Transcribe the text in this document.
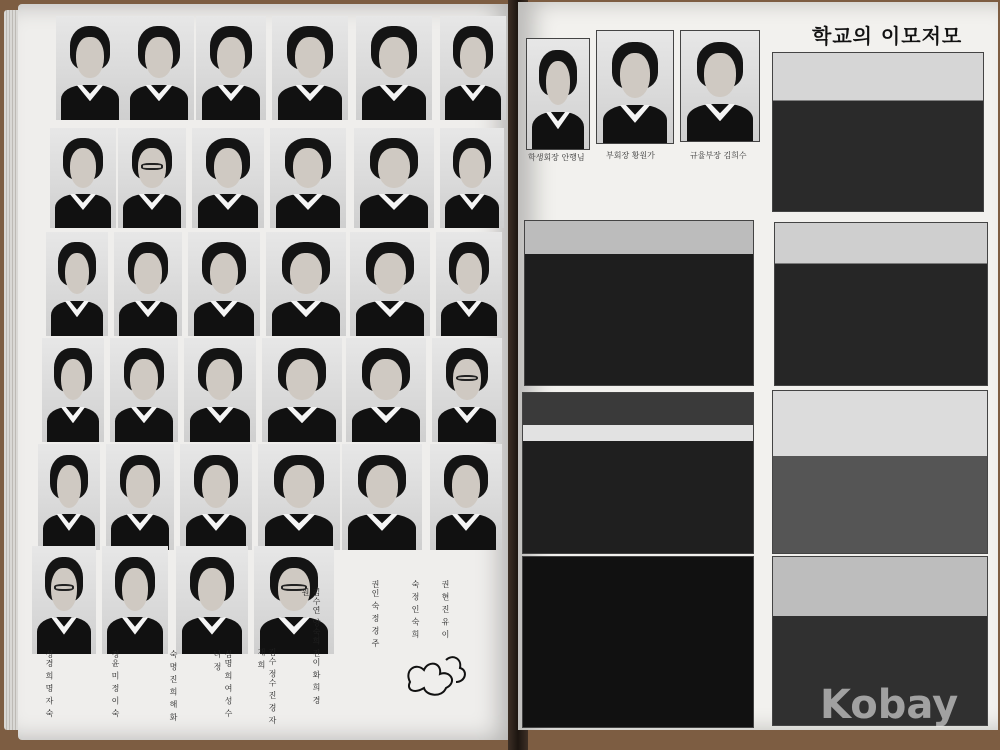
김수연 양숙희 진이 화 희 경 원
김수 정수 진 경 자 재 희
심명 희 여 성 수 나 정
숙 명 진 희 해 화
정윤 미 정 이 숙
성경 희 명 자 숙
권인 숙 정 경 주	숙 정 인 숙 희	권 현 진 유 이
학교의 이모저모
학생회장 안행님	부회장 황원가	규율부장 김희수
Kobay
